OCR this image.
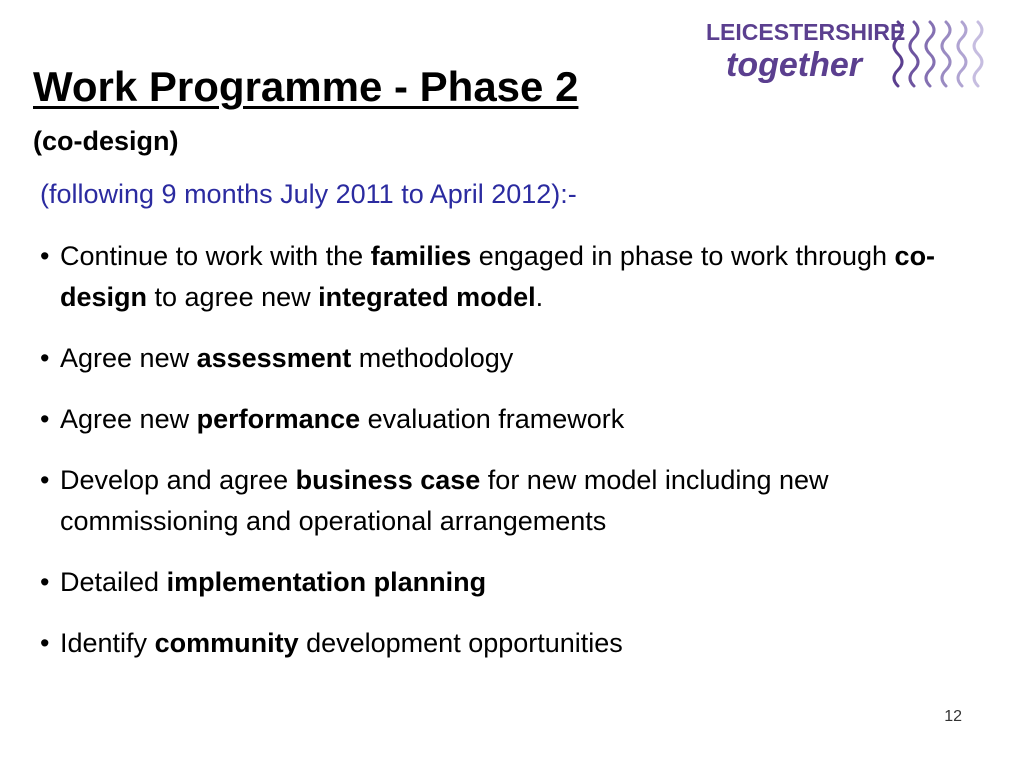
Work Programme - Phase 2

(co-design)

LEICESTERSHIRE
together

(following 9 months July 2011 to April 2012):-

• Continue to work with the families engaged in phase to work through co-design to agree new integrated model.
• Agree new assessment methodology
• Agree new performance evaluation framework
• Develop and agree business case for new model including new commissioning and operational arrangements
• Detailed implementation planning
• Identify community development opportunities
12
